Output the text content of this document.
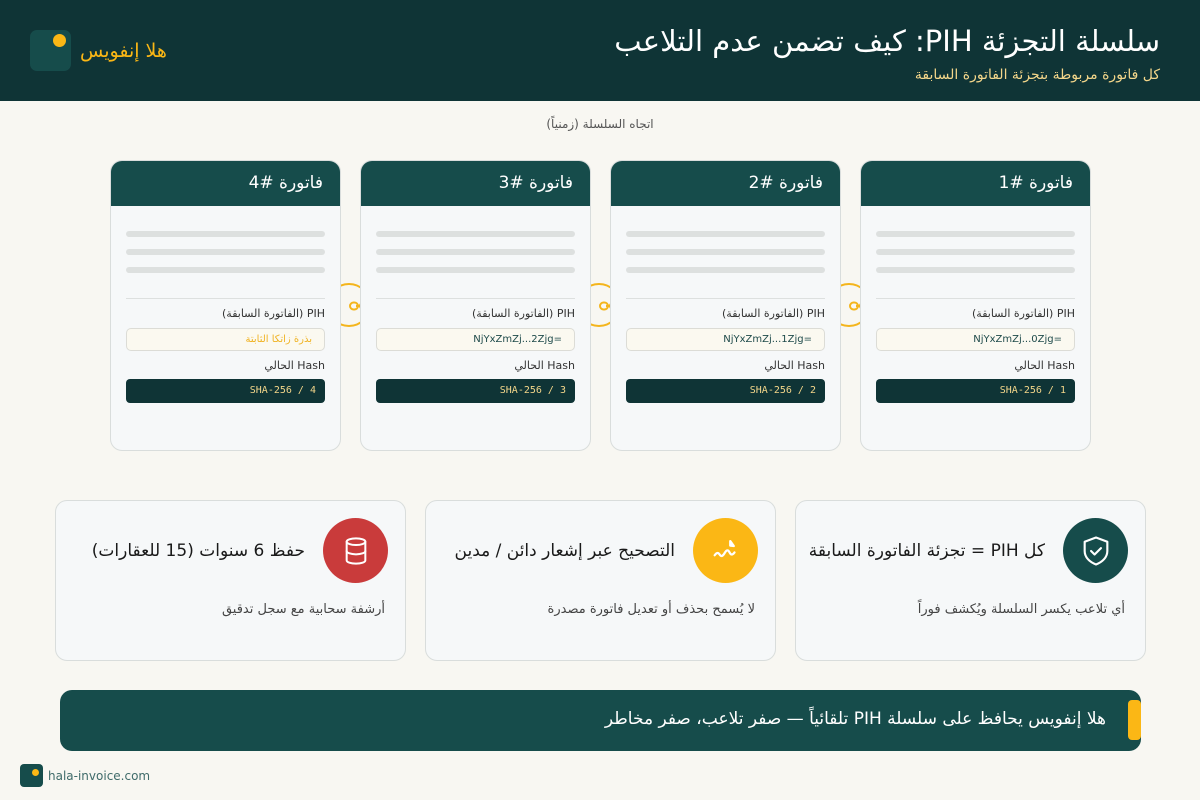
هلا إنفويس	سلسلة التجزئة PIH: كيف تضمن عدم التلاعب
كل فاتورة مربوطة بتجزئة الفاتورة السابقة
اتجاه السلسلة (زمنياً)
فاتورة #1
PIH (الفاتورة السابقة)
NjYxZmZj...0Zjg=
Hash الحالي
SHA-256 / 1
فاتورة #2
PIH (الفاتورة السابقة)
NjYxZmZj...1Zjg=
Hash الحالي
SHA-256 / 2
فاتورة #3
PIH (الفاتورة السابقة)
NjYxZmZj...2Zjg=
Hash الحالي
SHA-256 / 3
فاتورة #4
PIH (الفاتورة السابقة)
بذرة زاتكا الثابتة
Hash الحالي
SHA-256 / 4
كل PIH = تجزئة الفاتورة السابقة
أي تلاعب يكسر السلسلة ويُكشف فوراً
التصحيح عبر إشعار دائن / مدين
لا يُسمح بحذف أو تعديل فاتورة مصدرة
حفظ 6 سنوات (15 للعقارات)
أرشفة سحابية مع سجل تدقيق
هلا إنفويس يحافظ على سلسلة PIH تلقائياً — صفر تلاعب، صفر مخاطر
hala-invoice.com
